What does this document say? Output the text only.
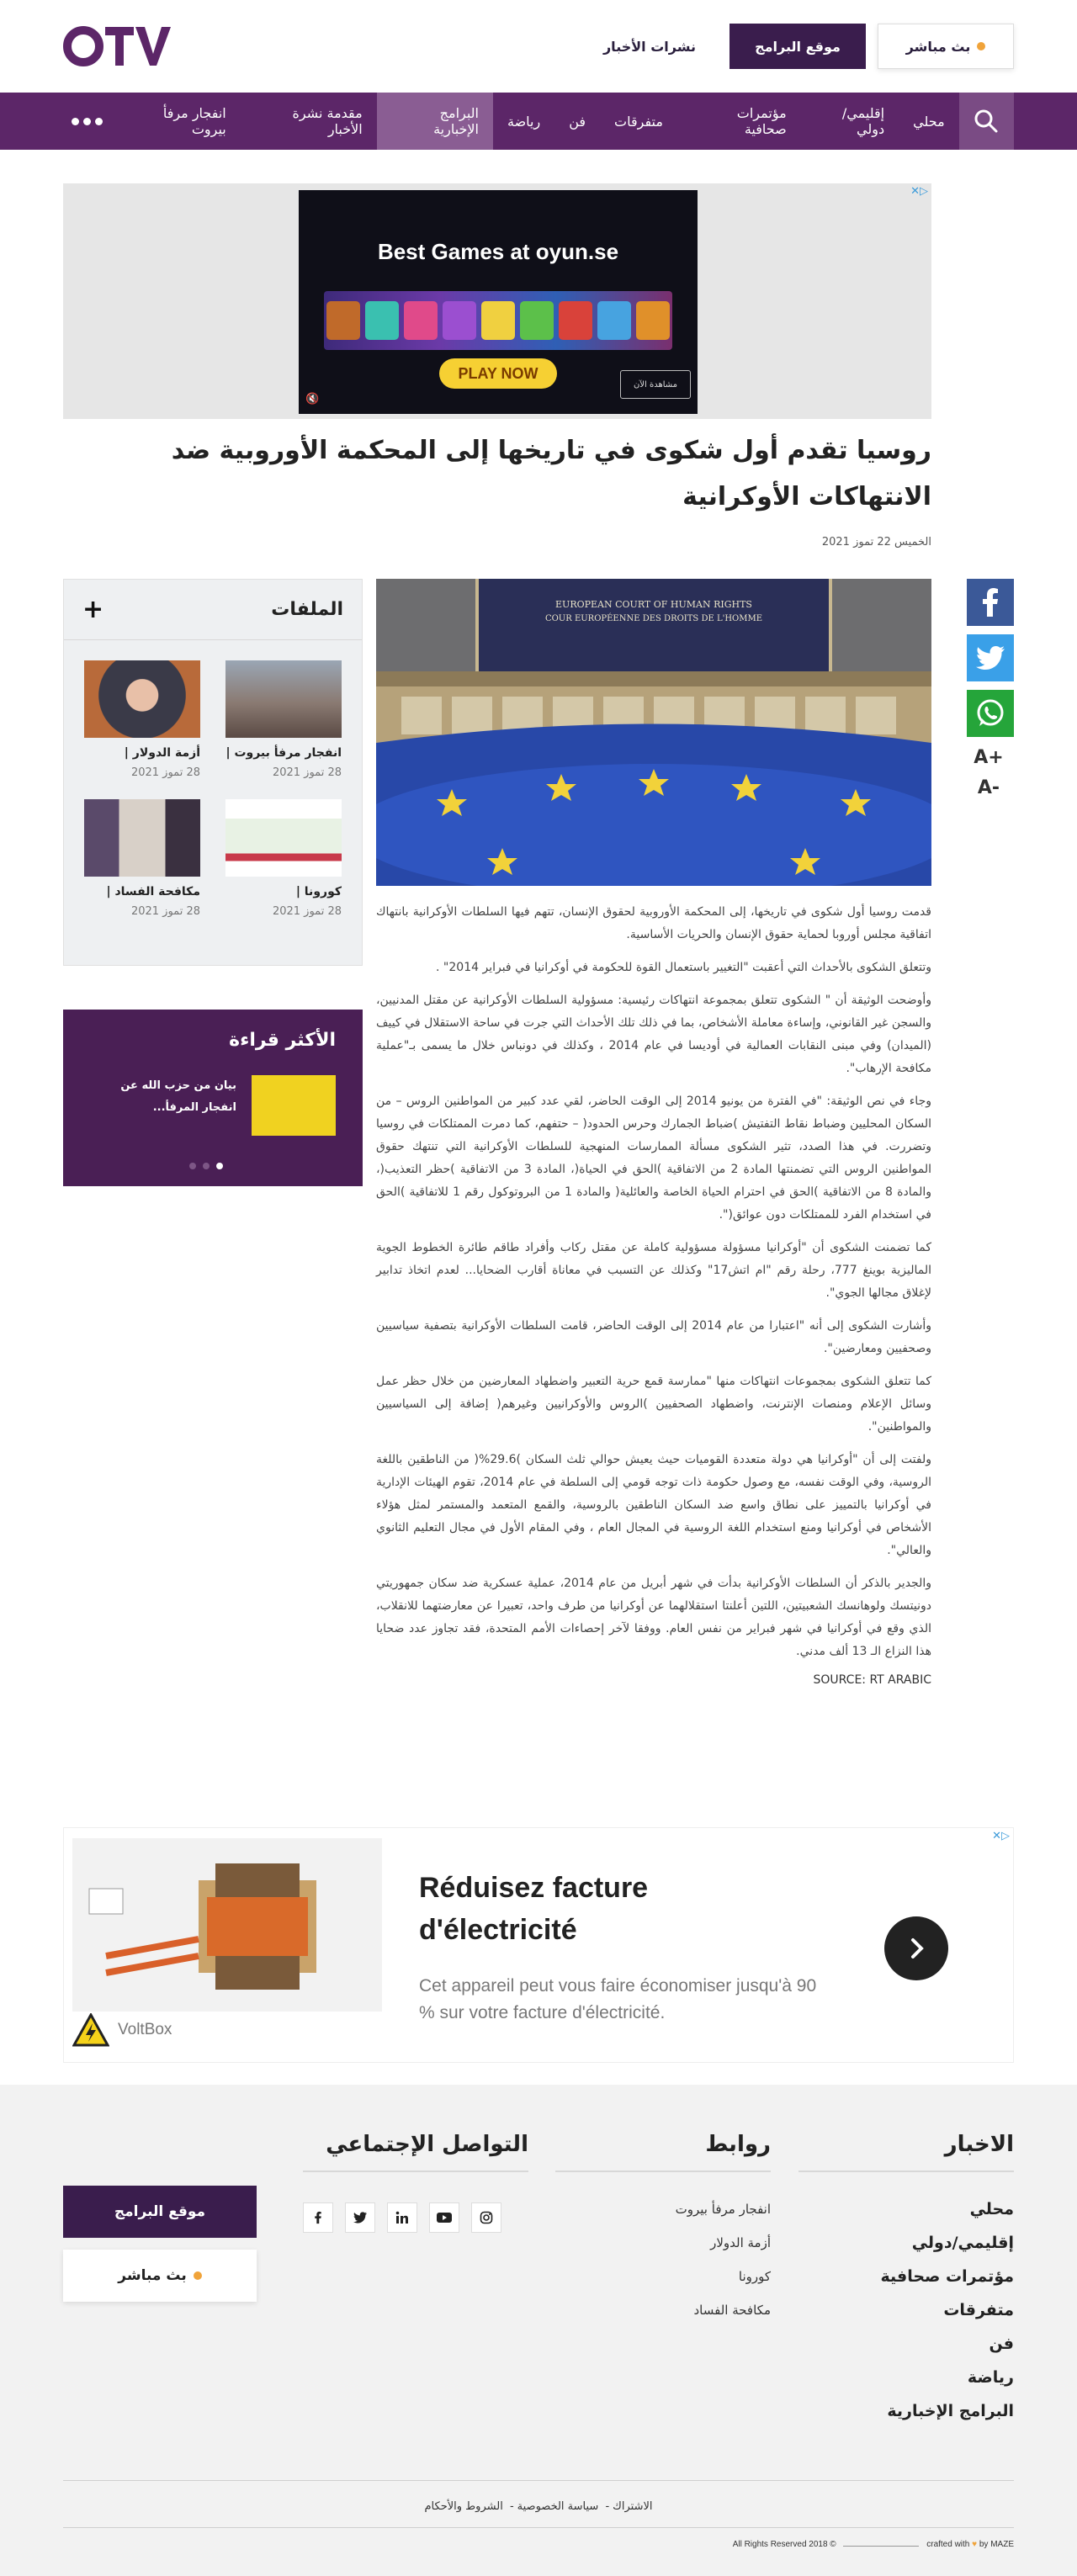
بث مباشر
موقع البرامج
نشرات الأخبار
محلي
إقليمي/دولي
مؤتمرات صحافية
متفرقات
فن
رياضة
البرامج الإخبارية
مقدمة نشرة الأخبار
انفجار مرفأ بيروت
▷✕
Best Games at oyun.se
PLAY NOW
مشاهدة الآن
🔇
روسيا تقدم أول شكوى في تاريخها إلى المحكمة الأوروبية ضد الانتهاكات الأوكرانية
الخميس 22 تموز 2021
A+
A-
EUROPEAN COURT OF HUMAN RIGHTS
COUR EUROPÉENNE DES DROITS DE L'HOMME

قدمت روسيا أول شكوى في تاريخها، إلى المحكمة الأوروبية لحقوق الإنسان، تتهم فيها السلطات الأوكرانية بانتهاك اتفاقية مجلس أوروبا لحماية حقوق الإنسان والحريات الأساسية.

وتتعلق الشكوى بالأحداث التي أعقبت "التغيير باستعمال القوة للحكومة في أوكرانيا في فبراير 2014" .

وأوضحت الوثيقة أن " الشكوى تتعلق بمجموعة انتهاكات رئيسية: مسؤولية السلطات الأوكرانية عن مقتل المدنيين، والسجن غير القانوني، وإساءة معاملة الأشخاص، بما في ذلك تلك الأحداث التي جرت في ساحة الاستقلال في كييف (الميدان) وفي مبنى النقابات العمالية في أوديسا في عام 2014 ، وكذلك في دونباس خلال ما يسمى بـ"عملية مكافحة الإرهاب".

وجاء في نص الوثيقة: "في الفترة من يونيو 2014 إلى الوقت الحاضر، لقي عدد كبير من المواطنين الروس – من السكان المحليين وضباط نقاط التفتيش )ضباط الجمارك وحرس الحدود( – حتفهم، كما دمرت الممتلكات في روسيا وتضررت. في هذا الصدد، تثير الشكوى مسألة الممارسات المنهجية للسلطات الأوكرانية التي تنتهك حقوق المواطنين الروس التي تضمنتها المادة 2 من الاتفاقية )الحق في الحياة(، المادة 3 من الاتفاقية )حظر التعذيب(، والمادة 8 من الاتفاقية )الحق في احترام الحياة الخاصة والعائلية( والمادة 1 من البروتوكول رقم 1 للاتفاقية )الحق في استخدام الفرد للممتلكات دون عوائق(".

كما تضمنت الشكوى أن "أوكرانيا مسؤولة مسؤولية كاملة عن مقتل ركاب وأفراد طاقم طائرة الخطوط الجوية الماليزية بوينغ 777، رحلة رقم "ام اتش17" وكذلك عن التسبب في معاناة أقارب الضحايا... لعدم اتخاذ تدابير لإغلاق مجالها الجوي".

وأشارت الشكوى إلى أنه "اعتبارا من عام 2014 إلى الوقت الحاضر، قامت السلطات الأوكرانية بتصفية سياسيين وصحفيين ومعارضين".

كما تتعلق الشكوى بمجموعات انتهاكات منها "ممارسة قمع حرية التعبير واضطهاد المعارضين من خلال حظر عمل وسائل الإعلام ومنصات الإنترنت، واضطهاد الصحفيين )الروس والأوكرانيين وغيرهم( إضافة إلى السياسيين والمواطنين".

ولفتت إلى أن "أوكرانيا هي دولة متعددة القوميات حيث يعيش حوالي ثلث السكان )29.6%( من الناطقين باللغة الروسية، وفي الوقت نفسه، مع وصول حكومة ذات توجه قومي إلى السلطة في عام 2014، تقوم الهيئات الإدارية في أوكرانيا بالتمييز على نطاق واسع ضد السكان الناطقين بالروسية، والقمع المتعمد والمستمر لمثل هؤلاء الأشخاص في أوكرانيا ومنع استخدام اللغة الروسية في المجال العام ، وفي المقام الأول في مجال التعليم الثانوي والعالي".

والجدير بالذكر أن السلطات الأوكرانية بدأت في شهر أبريل من عام 2014، عملية عسكرية ضد سكان جمهوريتي دونيتسك ولوهانسك الشعبيتين، اللتين أعلنتا استقلالهما عن أوكرانيا من طرف واحد، تعبيرا عن معارضتهما للانقلاب، الذي وقع في أوكرانيا في شهر فبراير من نفس العام. ووفقا لآخر إحصاءات الأمم المتحدة، فقد تجاوز عدد ضحايا هذا النزاع الـ 13 ألف مدني.

SOURCE: RT ARABIC
الملفات
+
انفجار مرفأ بيروت |
28 تموز 2021
أزمة الدولار |
28 تموز 2021
كورونا |
28 تموز 2021
مكافحة الفساد |
28 تموز 2021
الأكثر قراءة
بيان من حزب الله عن انفجار المرفأ...
▷✕
Réduisez facture d'électricité
Cet appareil peut vous faire économiser jusqu'à 90 % sur votre facture d'électricité.
VoltBox
الاخبار
محلي
إقليمي/دولي
مؤتمرات صحافية
متفرقات
فن
رياضة
البرامج الإخبارية
روابط
انفجار مرفأ بيروت
أزمة الدولار
كورونا
مكافحة الفساد
التواصل الإجتماعي
موقع البرامج
بث مباشر
الاشتراك- سياسة الخصوصية- الشروط والأحكام
All Rights Reserved 2018 ©	crafted with ♥ by MAZE
